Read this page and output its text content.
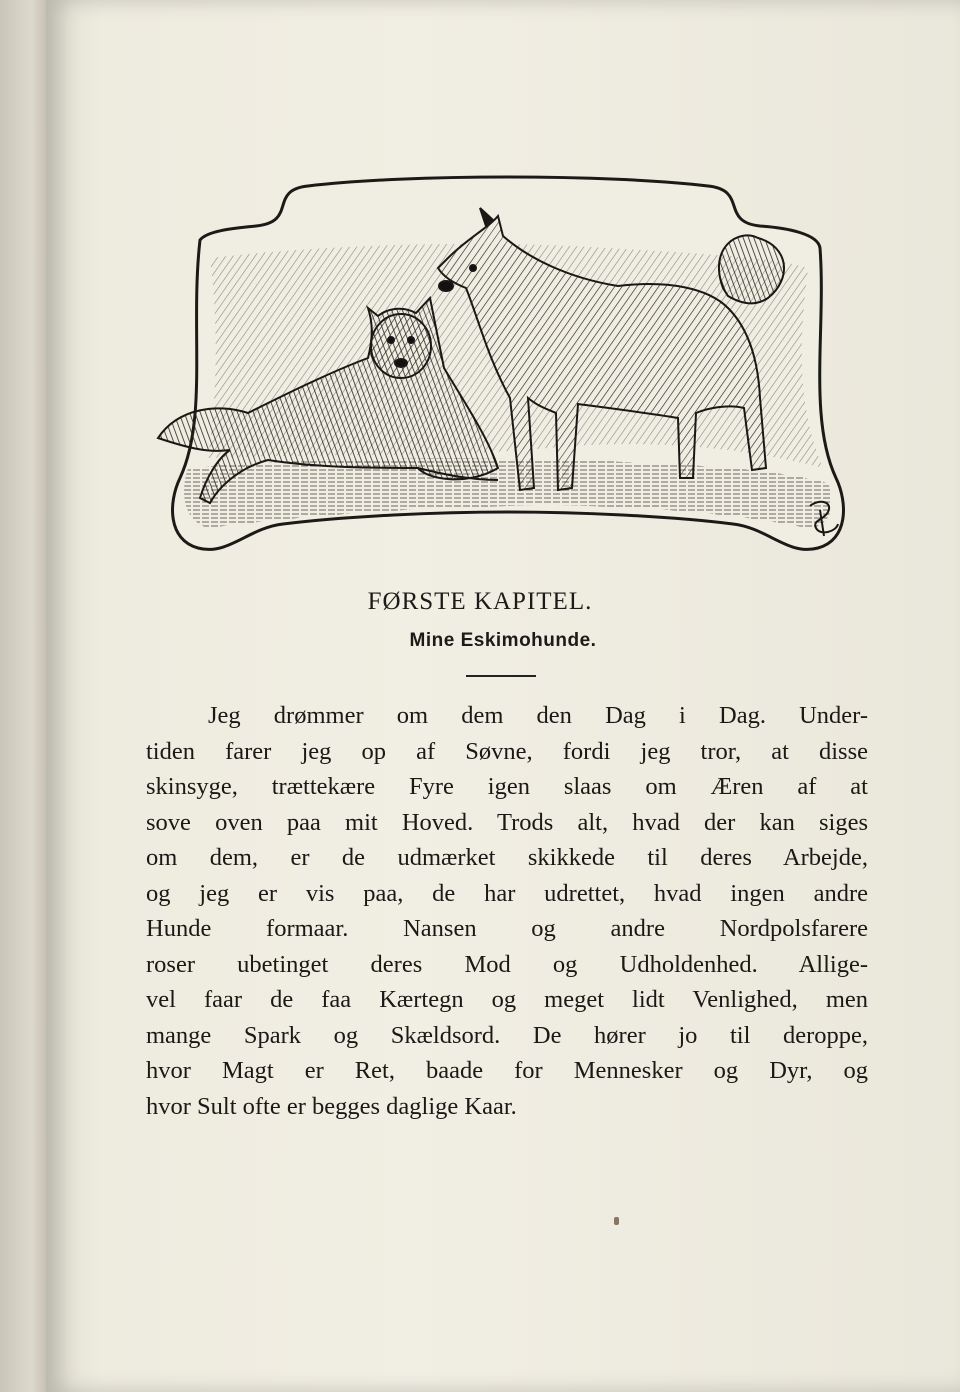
FØRSTE KAPITEL.
Mine Eskimohunde.
Jeg drømmer om dem den Dag i Dag. Under-
tiden farer jeg op af Søvne, fordi jeg tror, at disse
skinsyge, trættekære Fyre igen slaas om Æren af at
sove oven paa mit Hoved. Trods alt, hvad der kan siges
om dem, er de udmærket skikkede til deres Arbejde,
og jeg er vis paa, de har udrettet, hvad ingen andre
Hunde formaar. Nansen og andre Nordpolsfarere
roser ubetinget deres Mod og Udholdenhed. Allige-
vel faar de faa Kærtegn og meget lidt Venlighed, men
mange Spark og Skældsord. De hører jo til deroppe,
hvor Magt er Ret, baade for Mennesker og Dyr, og
hvor Sult ofte er begges daglige Kaar.
